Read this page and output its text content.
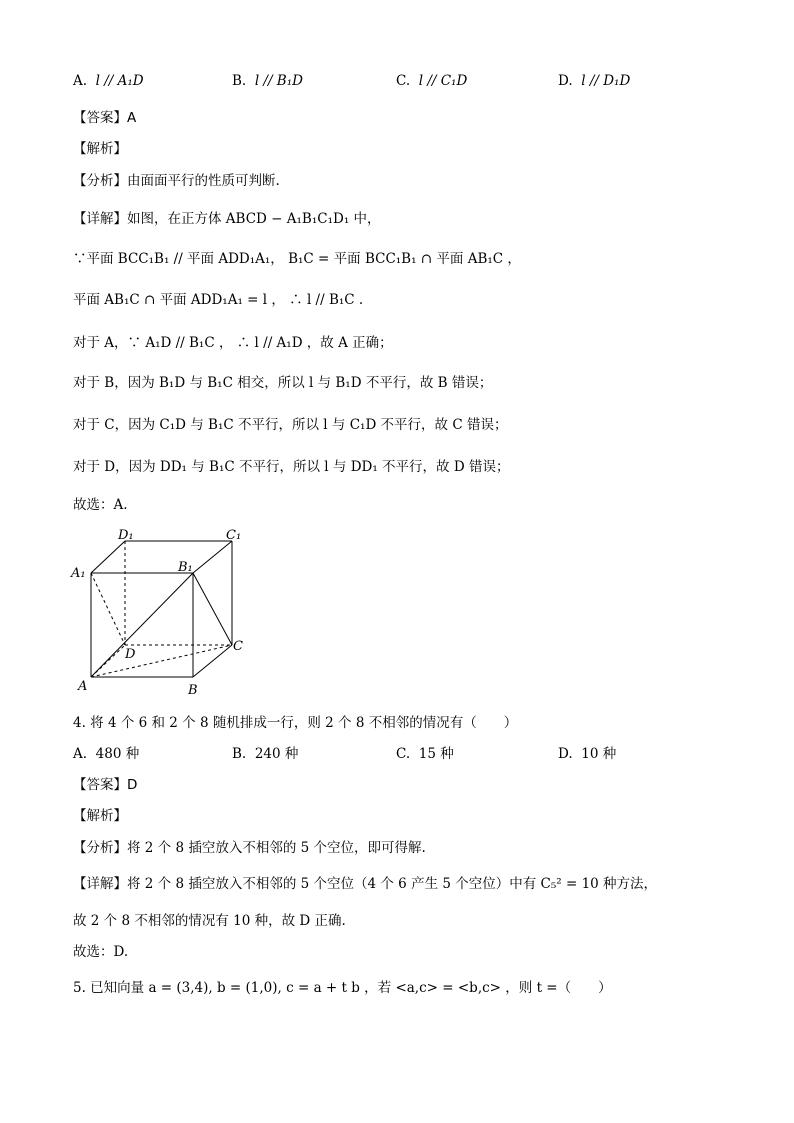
A. l // A₁D	B. l // B₁D	C. l // C₁D	D. l // D₁D
【答案】A
【解析】
【分析】由面面平行的性质可判断.
【详解】如图，在正方体 ABCD − A₁B₁C₁D₁ 中，
∵平面 BCC₁B₁ // 平面 ADD₁A₁， B₁C = 平面 BCC₁B₁ ∩ 平面 AB₁C ，
平面 AB₁C ∩ 平面 ADD₁A₁ = l ， ∴ l // B₁C .
对于 A，∵ A₁D // B₁C ， ∴ l // A₁D ，故 A 正确；
对于 B，因为 B₁D 与 B₁C 相交，所以 l 与 B₁D 不平行，故 B 错误；
对于 C，因为 C₁D 与 B₁C 不平行，所以 l 与 C₁D 不平行，故 C 错误；
对于 D，因为 DD₁ 与 B₁C 不平行，所以 l 与 DD₁ 不平行，故 D 错误；
故选：A.
D₁	C₁
A₁	B₁
D
C
A	B
4. 将 4 个 6 和 2 个 8 随机排成一行，则 2 个 8 不相邻的情况有（　　）
A. 480 种	B. 240 种	C. 15 种	D. 10 种
【答案】D
【解析】
【分析】将 2 个 8 插空放入不相邻的 5 个空位，即可得解.
【详解】将 2 个 8 插空放入不相邻的 5 个空位（4 个 6 产生 5 个空位）中有 C₅² = 10 种方法，
故 2 个 8 不相邻的情况有 10 种，故 D 正确.
故选：D.
5. 已知向量 a = (3,4), b = (1,0), c = a + t b ，若 <a,c> = <b,c> ，则 t =（　　）
